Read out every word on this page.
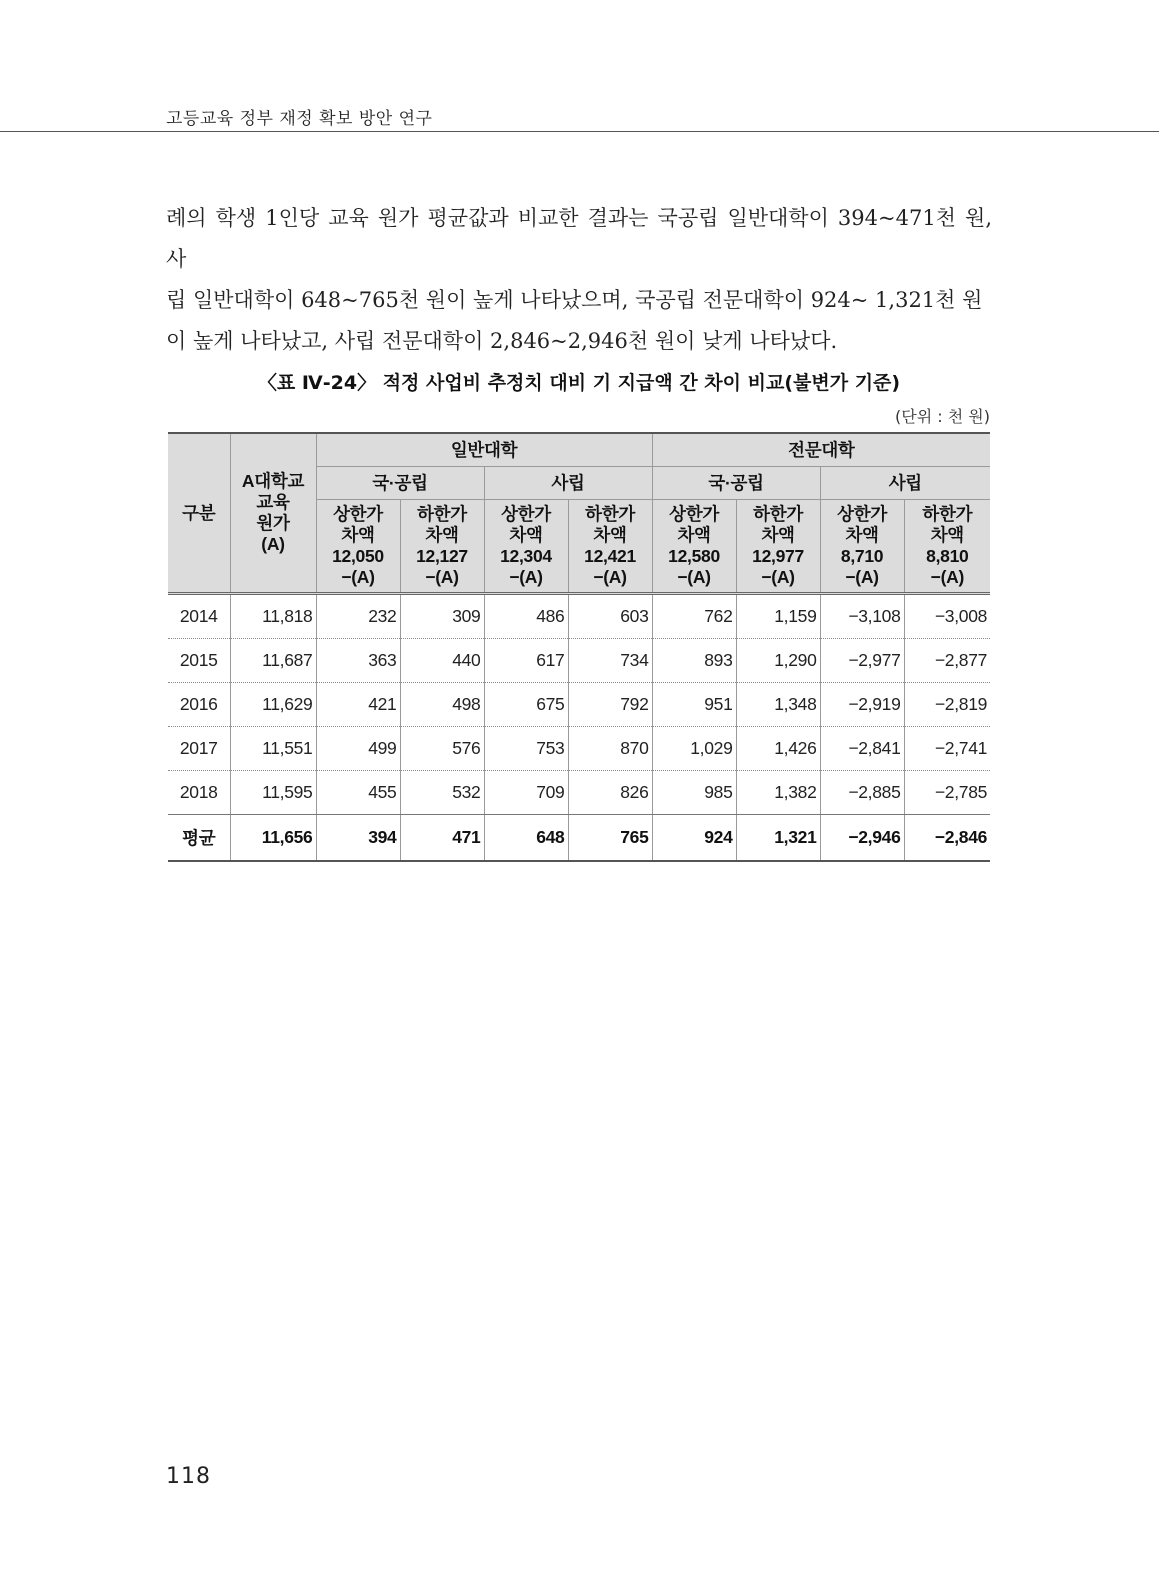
고등교육 정부 재정 확보 방안 연구
례의 학생 1인당 교육 원가 평균값과 비교한 결과는 국공립 일반대학이 394~471천 원, 사
립 일반대학이 648~765천 원이 높게 나타났으며, 국공립 전문대학이 924~ 1,321천 원
이 높게 나타났고, 사립 전문대학이 2,846~2,946천 원이 낮게 나타났다.
〈표 Ⅳ-24〉 적정 사업비 추정치 대비 기 지급액 간 차이 비교(불변가 기준)
(단위 : 천 원)
구분	A대학교
교육
원가
(A)	일반대학				전문대학			
		국·공립		사립		국·공립		사립	

		상한가
차액
12,050
−(A)	하한가
차액
12,127
−(A)	상한가
차액
12,304
−(A)	하한가
차액
12,421
−(A)	상한가
차액
12,580
−(A)	하한가
차액
12,977
−(A)	상한가
차액
8,710
−(A)	하한가
차액
8,810
−(A)

2014	11,818	232	309	486	603	762	1,159	−3,108	−3,008
2015	11,687	363	440	617	734	893	1,290	−2,977	−2,877
2016	11,629	421	498	675	792	951	1,348	−2,919	−2,819
2017	11,551	499	576	753	870	1,029	1,426	−2,841	−2,741
2018	11,595	455	532	709	826	985	1,382	−2,885	−2,785
평균	11,656	394	471	648	765	924	1,321	−2,946	−2,846
118
